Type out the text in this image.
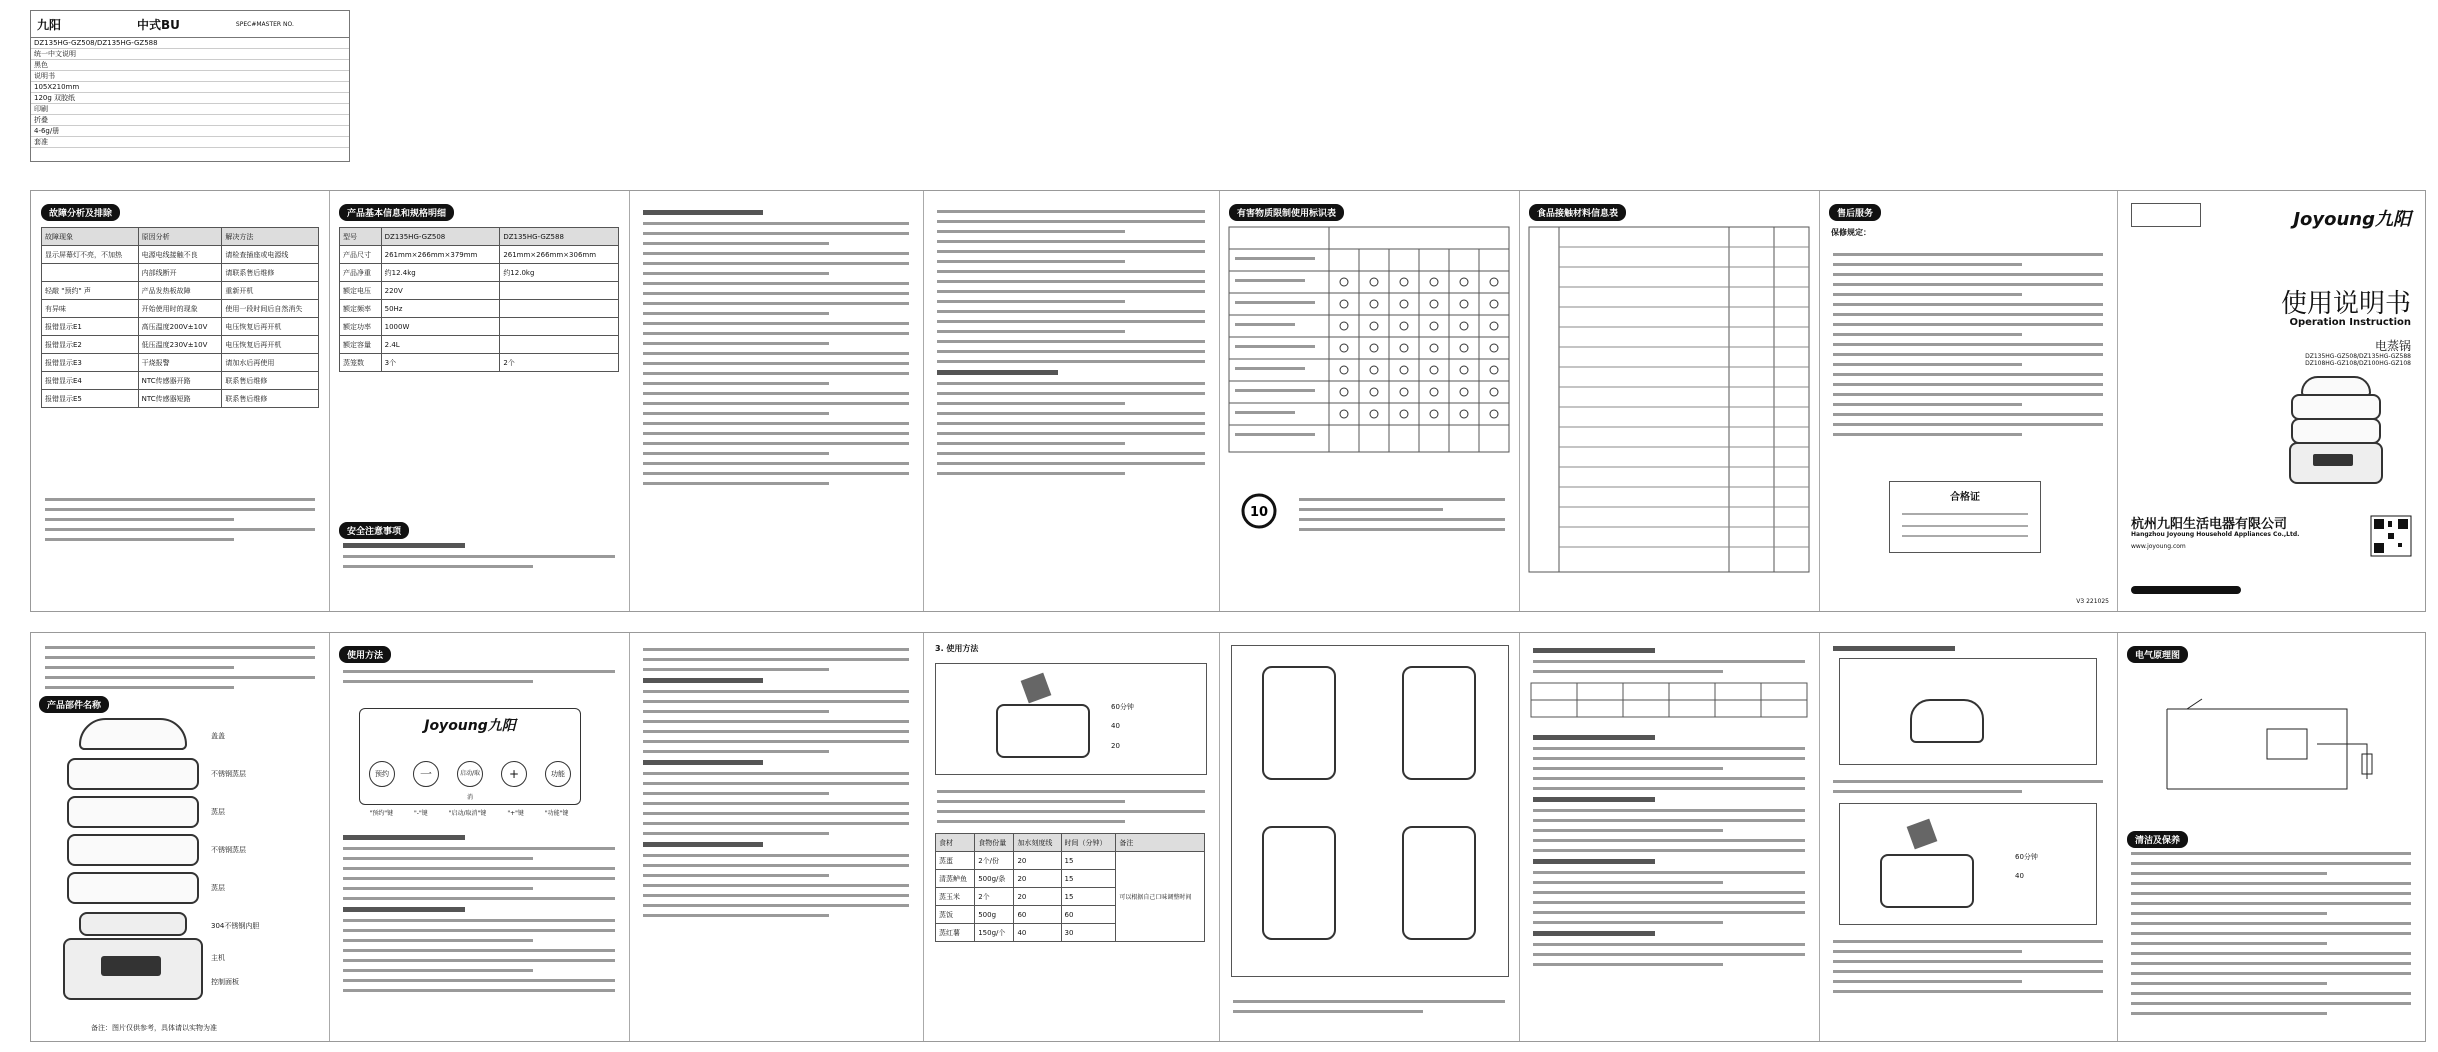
九阳	中式BU	SPEC#MASTER NO.
DZ135HG-GZ508/DZ135HG-GZ588
统一中文说明
黑色
说明书
105X210mm
120g 双胶纸
印刷
折叠
4-6g/册
套准
故障分析及排除
故障现象	原因分析	解决方法
显示屏幕灯不亮，不加热	电源电线接触不良	请检查插座或电源线
	内部线断开	请联系售后维修
轻敲 "预约" 声	产品发热板故障	重新开机
有异味	开始使用时的现象	使用一段时间后自然消失
报错显示E1	高压温度200V±10V	电压恢复后再开机
报错显示E2	低压温度230V±10V	电压恢复后再开机
报错显示E3	干烧报警	请加水后再使用
报错显示E4	NTC传感器开路	联系售后维修
报错显示E5	NTC传感器短路	联系售后维修
产品基本信息和规格明细
型号	DZ135HG-GZ508	DZ135HG-GZ588
产品尺寸	261mm×266mm×379mm	261mm×266mm×306mm
产品净重	约12.4kg	约12.0kg
额定电压	220V	
额定频率	50Hz	
额定功率	1000W	
额定容量	2.4L	
蒸笼数	3个	2个
安全注意事项
有害物质限制使用标识表
10
食品接触材料信息表	售后服务
保修规定：
合格证
V3 221025
Joyoung九阳
使用说明书
Operation Instruction
电蒸锅
DZ135HG-GZ508/DZ135HG-GZ588
DZ108HG-GZ108/DZ100HG-GZ108
杭州九阳生活电器有限公司
Hangzhou Joyoung Household Appliances Co.,Ltd.
www.joyoung.com
产品部件名称
盖盖
不锈钢蒸层
蒸层
不锈钢蒸层
蒸层
304不锈钢内胆
主机
控制面板
备注：图片仅供参考，具体请以实物为准
使用方法
Joyoung九阳
预约	一	启动/取消
+	功能
"预约"键	"-"键	"启动/取消"键	"+"键	"功能"键
3. 使用方法
60分钟
40
20
食材	食物份量	加水刻度线	时间（分钟）	备注
蒸蛋	2个/份	20	15	可以根据自己口味调整时间
清蒸鲈鱼	500g/条	20	15	
蒸玉米	2个	20	15	
蒸饭	500g	60	60	
蒸红薯	150g/个	40	30	
60分钟
40
电气原理图
清洁及保养
